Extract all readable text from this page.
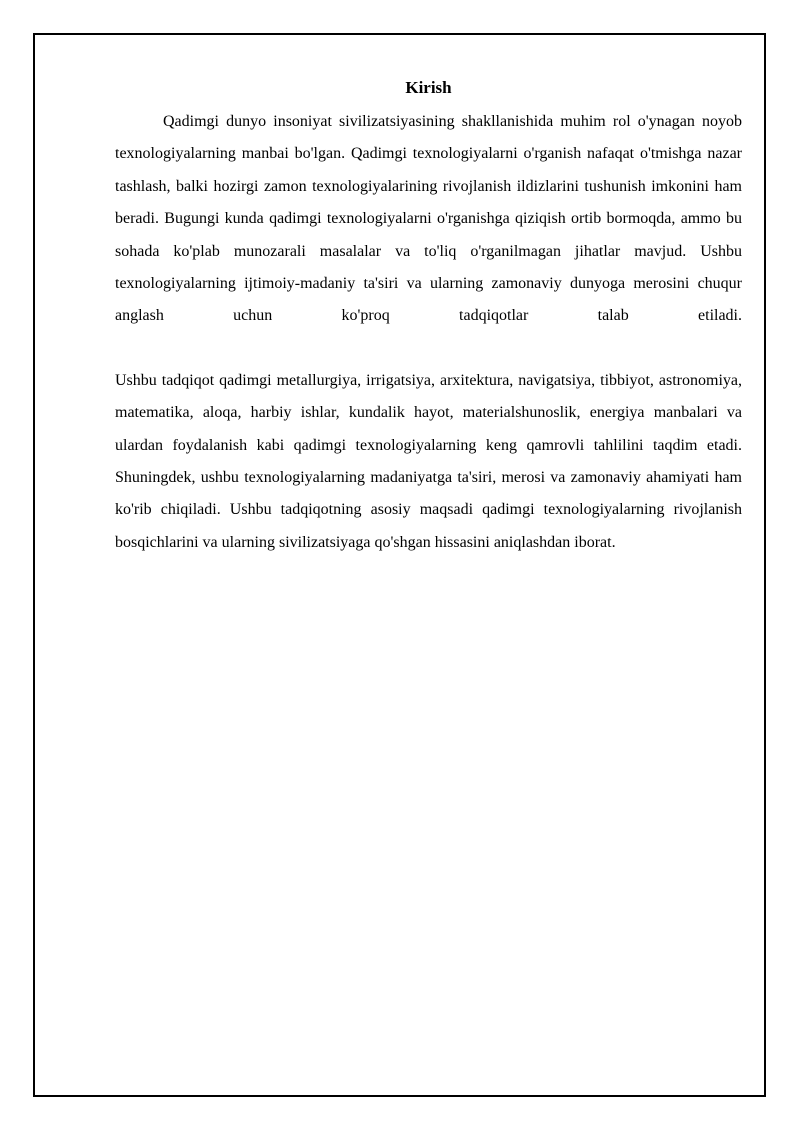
Kirish

Qadimgi dunyo insoniyat sivilizatsiyasining shakllanishida muhim rol o'ynagan noyob texnologiyalarning manbai bo'lgan. Qadimgi texnologiyalarni o'rganish nafaqat o'tmishga nazar tashlash, balki hozirgi zamon texnologiyalarining rivojlanish ildizlarini tushunish imkonini ham beradi. Bugungi kunda qadimgi texnologiyalarni o'rganishga qiziqish ortib bormoqda, ammo bu sohada ko'plab munozarali masalalar va to'liq o'rganilmagan jihatlar mavjud. Ushbu texnologiyalarning ijtimoiy-madaniy ta'siri va ularning zamonaviy dunyoga merosini chuqur anglash uchun ko'proq tadqiqotlar talab etiladi.

Ushbu tadqiqot qadimgi metallurgiya, irrigatsiya, arxitektura, navigatsiya, tibbiyot, astronomiya, matematika, aloqa, harbiy ishlar, kundalik hayot, materialshunoslik, energiya manbalari va ulardan foydalanish kabi qadimgi texnologiyalarning keng qamrovli tahlilini taqdim etadi. Shuningdek, ushbu texnologiyalarning madaniyatga ta'siri, merosi va zamonaviy ahamiyati ham ko'rib chiqiladi. Ushbu tadqiqotning asosiy maqsadi qadimgi texnologiyalarning rivojlanish bosqichlarini va ularning sivilizatsiyaga qo'shgan hissasini aniqlashdan iborat.
